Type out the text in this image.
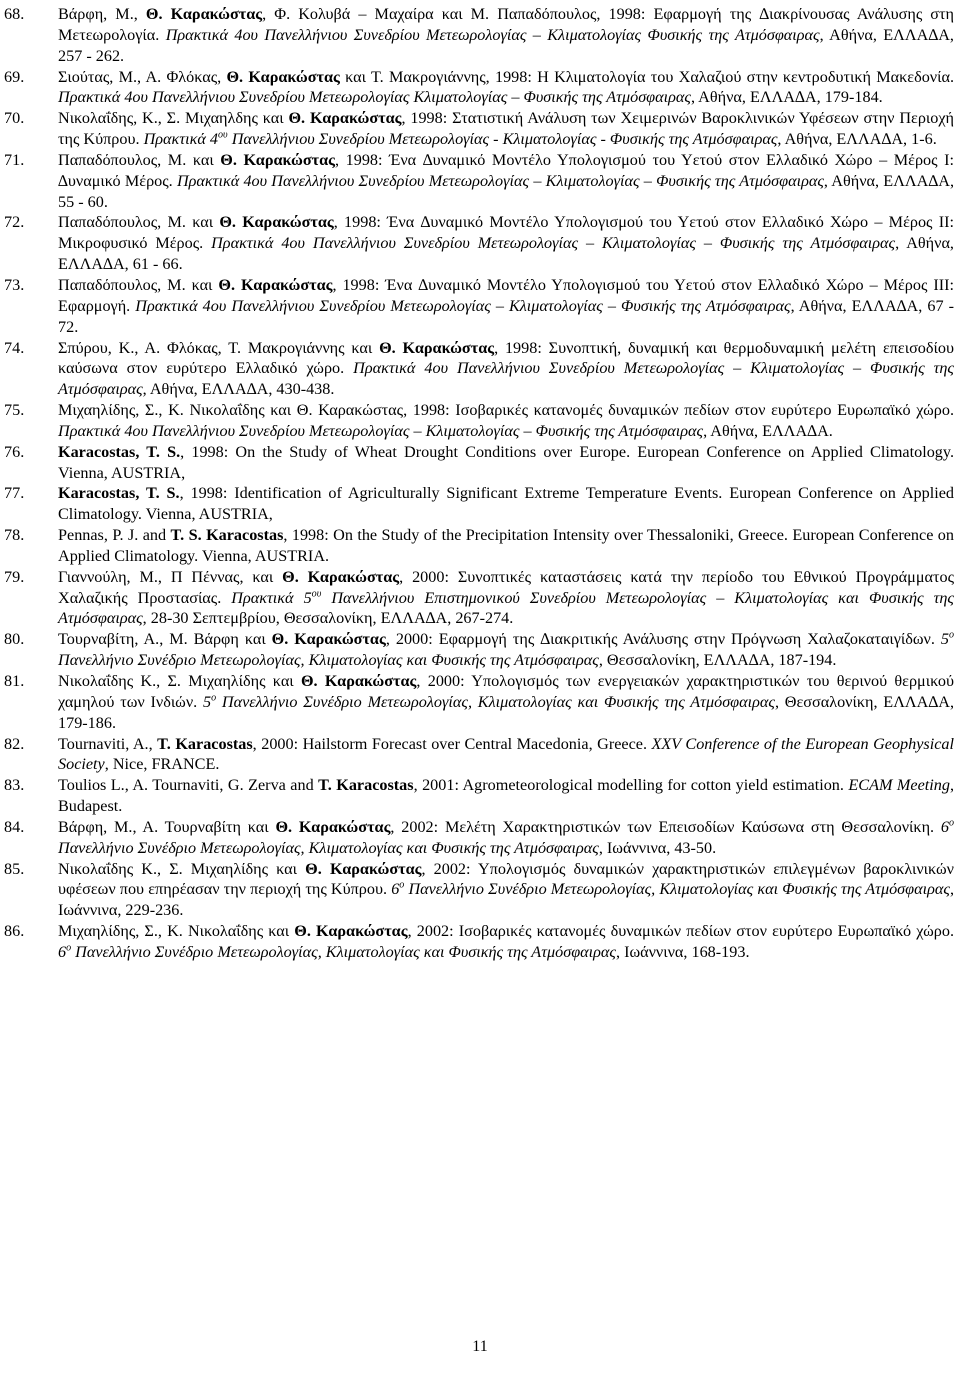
68.	Βάρφη, Μ., Θ. Καρακώστας, Φ. Κολυβά – Μαχαίρα και Μ. Παπαδόπουλος, 1998: Εφαρμογή της ∆ιακρίνουσας Ανάλυσης στη Μετεωρολογία. Πρακτικά 4ου Πανελλήνιου Συνεδρίου Μετεωρολογίας – Κλιματολογίας Φυσικής της Ατμόσφαιρας, Αθήνα, ΕΛΛΑ∆Α, 257 - 262.
69.	Σιούτας, Μ., Α. Φλόκας, Θ. Καρακώστας και Τ. Μακρογιάννης, 1998: Η Κλιματολογία του Χαλαζιού στην κεντροδυτική Μακεδονία. Πρακτικά 4ου Πανελλήνιου Συνεδρίου Μετεωρολογίας Κλιματολογίας – Φυσικής της Ατμόσφαιρας, Αθήνα, ΕΛΛΑ∆Α, 179-184.
70.	Νικολαΐδης, Κ., Σ. Μιχαηλδης και Θ. Καρακώστας, 1998: Στατιστική Ανάλυση των Χειμερινών Βαροκλινικών Υφέσεων στην Περιοχή της Κύπρου. Πρακτικά $4^{o\upsilon}$ Πανελλήνιου Συνεδρίου Μετεωρολογίας - Κλιματολογίας - Φυσικής της Ατμόσφαιρας, Αθήνα, ΕΛΛΑ∆Α, 1-6.
71.	Παπαδόπουλος, Μ. και Θ. Καρακώστας, 1998: Ένα ∆υναμικό Μοντέλο Υπολογισμού του Υετού στον Ελλαδικό Χώρο – Μέρος Ι: ∆υναμικό Μέρος. Πρακτικά 4ου Πανελλήνιου Συνεδρίου Μετεωρολογίας – Κλιματολογίας – Φυσικής της Ατμόσφαιρας, Αθήνα, ΕΛΛΑ∆Α, 55 - 60.
72.	Παπαδόπουλος, Μ. και Θ. Καρακώστας, 1998: Ένα ∆υναμικό Μοντέλο Υπολογισμού του Υετού στον Ελλαδικό Χώρο – Μέρος ΙΙ: Μικροφυσικό Μέρος. Πρακτικά 4ου Πανελλήνιου Συνεδρίου Μετεωρολογίας – Κλιματολογίας – Φυσικής της Ατμόσφαιρας, Αθήνα, ΕΛΛΑ∆Α, 61 - 66.
73.	Παπαδόπουλος, Μ. και Θ. Καρακώστας, 1998: Ένα ∆υναμικό Μοντέλο Υπολογισμού του Υετού στον Ελλαδικό Χώρο – Μέρος ΙΙΙ: Εφαρμογή. Πρακτικά 4ου Πανελλήνιου Συνεδρίου Μετεωρολογίας – Κλιματολογίας – Φυσικής της Ατμόσφαιρας, Αθήνα, ΕΛΛΑ∆Α, 67 - 72.
74.	Σπύρου, Κ., Α. Φλόκας, Τ. Μακρογιάννης και Θ. Καρακώστας, 1998: Συνοπτική, δυναμική και θερμοδυναμική μελέτη επεισοδίου καύσωνα στον ευρύτερο Ελλαδικό χώρο. Πρακτικά 4ου Πανελλήνιου Συνεδρίου Μετεωρολογίας – Κλιματολογίας – Φυσικής της Ατμόσφαιρας, Αθήνα, ΕΛΛΑ∆Α, 430-438.
75.	Μιχαηλίδης, Σ., Κ. Νικολαΐδης και Θ. Καρακώστας, 1998: Ισοβαρικές κατανομές δυναμικών πεδίων στον ευρύτερο Ευρωπαϊκό χώρο. Πρακτικά 4ου Πανελλήνιου Συνεδρίου Μετεωρολογίας – Κλιματολογίας – Φυσικής της Ατμόσφαιρας, Αθήνα, ΕΛΛΑ∆Α.
76.	Karacostas, T. S., 1998: On the Study of Wheat Drought Conditions over Europe. European Conference on Applied Climatology. Vienna, AUSTRIA,
77.	Karacostas, T. S., 1998: Identification of Agriculturally Significant Extreme Temperature Events. European Conference on Applied Climatology. Vienna, AUSTRIA,
78.	Pennas, P. J. and T. S. Karacostas, 1998: On the Study of the Precipitation Intensity over Thessaloniki, Greece. European Conference on Applied Climatology. Vienna, AUSTRIA.
79.	Γιαννούλη, Μ., Π Πέννας, και Θ. Καρακώστας, 2000: Συνοπτικές καταστάσεις κατά την περίοδο του Εθνικού Προγράμματος Χαλαζικής Προστασίας. Πρακτικά $5^{o\upsilon}$ Πανελλήνιου Επιστημονικού Συνεδρίου Μετεωρολογίας – Κλιματολογίας και Φυσικής της Ατμόσφαιρας, 28-30 Σεπτεμβρίου, Θεσσαλονίκη, ΕΛΛΑ∆Α, 267-274.
80.	Τουρναβίτη, Α., Μ. Βάρφη και Θ. Καρακώστας, 2000: Εφαρμογή της ∆ιακριτικής Ανάλυσης στην Πρόγνωση Χαλαζοκαταιγίδων. $5^o$ Πανελλήνιο Συνέδριο Μετεωρολογίας, Κλιματολογίας και Φυσικής της Ατμόσφαιρας, Θεσσαλονίκη, ΕΛΛΑ∆Α, 187-194.
81.	Νικολαΐδης Κ., Σ. Μιχαηλίδης και Θ. Καρακώστας, 2000: Υπολογισμός των ενεργειακών χαρακτηριστικών του θερινού θερμικού χαμηλού των Ινδιών. $5^o$ Πανελλήνιο Συνέδριο Μετεωρολογίας, Κλιματολογίας και Φυσικής της Ατμόσφαιρας, Θεσσαλονίκη, ΕΛΛΑ∆Α, 179-186.
82.	Tournaviti, A., T. Karacostas, 2000: Hailstorm Forecast over Central Macedonia, Greece. XXV Conference of the European Geophysical Society, Nice, FRANCE.
83.	Toulios L., A. Tournaviti, G. Zerva and T. Karacostas, 2001: Agrometeorological modelling for cotton yield estimation. ECAM Meeting, Budapest.
84.	Βάρφη, Μ., Α. Τουρναβίτη και Θ. Καρακώστας, 2002: Μελέτη Χαρακτηριστικών των Επεισοδίων Καύσωνα στη Θεσσαλονίκη. $6^o$ Πανελλήνιο Συνέδριο Μετεωρολογίας, Κλιματολογίας και Φυσικής της Ατμόσφαιρας, Ιωάννινα, 43-50.
85.	Νικολαΐδης Κ., Σ. Μιχαηλίδης και Θ. Καρακώστας, 2002: Υπολογισμός δυναμικών χαρακτηριστικών επιλεγμένων βαροκλινικών υφέσεων που επηρέασαν την περιοχή της Κύπρου. $6^o$ Πανελλήνιο Συνέδριο Μετεωρολογίας, Κλιματολογίας και Φυσικής της Ατμόσφαιρας, Ιωάννινα, 229-236.
86.	Μιχαηλίδης, Σ., Κ. Νικολαΐδης και Θ. Καρακώστας, 2002: Ισοβαρικές κατανομές δυναμικών πεδίων στον ευρύτερο Ευρωπαϊκό χώρο. $6^o$ Πανελλήνιο Συνέδριο Μετεωρολογίας, Κλιματολογίας και Φυσικής της Ατμόσφαιρας, Ιωάννινα, 168-193.
11
